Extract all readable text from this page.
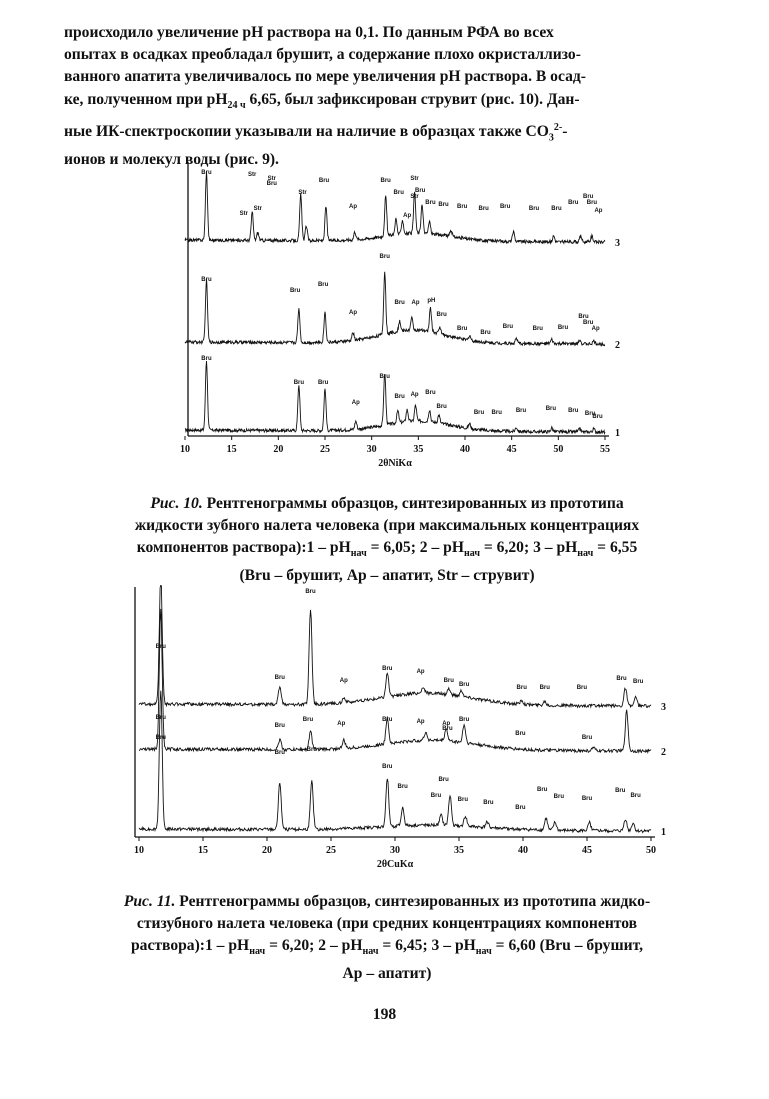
происходило увеличение pH раствора на 0,1. По данным РФА во всех

опытах в осадках преобладал брушит, а содержание плохо окристаллизо-

ванного апатита увеличивалось по мере увеличения pH раствора. В осад-

ке, полученном при $pH_{24 ч}$ 6,65, был зафиксирован струвит (рис. 10). Дан-

ные ИК-спектроскопии указывали на наличие в образцах также $CO_3^{2-}-$

ионов и молекул воды (рис. 9).

10	15	20	25	30	35	40	45	50	55
2θNiKα
1
Bru
Bru Bru
Ap
Bru
Bru Ap Bru
Bru
Bru Bru Bru	Bru Bru Bru
Bru
2
Bru
Bru
Bru
Ap
Bru
Bru Ap pH
Bru
Bru
Bru
Bru	Bru Bru
Bru
Bru
Ap
3
Bru	Str
Str
Bru	Bru
Str
Str
Str
Ap
Bru	Str
Bru Bru
Str
Bru
Ap
Bru Bru Bru Bru	Bru Bru
Bru
Bru
Bru
Ap
Рис. 10. Рентгенограммы образцов, синтезированных из прототипа
жидкости зубного налета человека (при максимальных концентрациях
компонентов раствора):1 – $pH_{нач} = 6,05$; $2 - pH_{нач} = 6,20$; $3 - pH_{нач} = 6,55$
(Bru – брушит, Ap – апатит, Str – струвит)
10	15	20	25	30	35	40	45	50
2θCuKα
1
Bru
Bru	Bru
Bru
Bru
Bru
Bru
Bru	Bru
Bru
Bru
Bru	Bru
Bru
Bru
2
Bru
Bru
Bru
Ap
Bru	Ap	Ap
Bru
Bru
Bru
Bru
3
Bru
Bru
Bru	Ap
Bru	Ap
Bru
Bru	Bru Bru	Bru
Bru Bru
Рис. 11. Рентгенограммы образцов, синтезированных из прототипа жидко-
стизубного налета человека (при средних концентрациях компонентов
раствора):1 – $pH_{нач} = 6,20$; $2 - pH_{нач} = 6,45$; $3 - pH_{нач} = 6,60$ (Bru – брушит,
Ap – апатит)
198
